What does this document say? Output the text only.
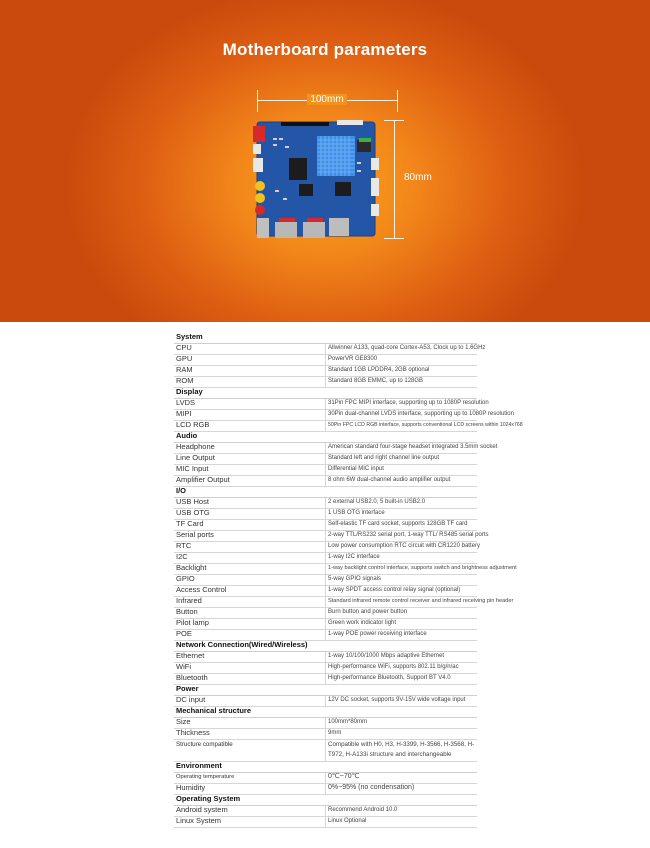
Motherboard parameters
100mm
80mm
System	
CPU	Allwinner A133, quad-core Cortex-A53, Clock up to 1.6GHz
GPU	PowerVR GE8300
RAM	Standard 1GB LPDDR4, 2GB optional
ROM	Standard 8GB EMMC, up to 128GB
Display	
LVDS	31Pin FPC MIPI interface, supporting up to 1080P resolution
MIPI	30Pin dual-channel LVDS interface, supporting up to 1080P resolution
LCD RGB	50Pin FPC LCD RGB interface, supports conventional LCD screens within 1024x768
Audio	
Headphone	American standard four-stage headset integrated 3.5mm socket
Line Output	Standard left and right channel line output
MIC Input	Differential MIC input
Amplifier Output	8 ohm 6W dual-channel audio amplifier output
I/O	
USB Host	2 external USB2.0, 5 built-in USB2.0
USB OTG	1 USB OTG interface
TF Card	Self-elastic TF card socket, supports 128GB TF card
Serial ports	2-way TTL/RS232 serial port, 1-way TTL/ RS485 serial ports
RTC	Low power consumption RTC circuit with CR1220 battery
I2C	1-way I2C interface
Backlight	1-way backlight control interface, supports switch and brightness adjustment
GPIO	5-way GPIO signals
Access Control	1-way SPDT access control relay signal (optional)
Infrared	Standard infrared remote control receiver and infrared receiving pin header
Button	Burn button and power button
Pilot lamp	Green work indicator light
POE	1-way POE power receiving interface
Network Connection(Wired/Wireless)	
Ethernet	1-way 10/100/1000 Mbps adaptive Ethernet
WiFi	High-performance WiFi, supports 802.11 b/g/n/ac
Bluetooth	High-performance Bluetooth, Support BT V4.0
Power	
DC input	12V DC socket, supports 9V-15V wide voltage input
Mechanical structure	
Size	100mm*80mm
Thickness	9mm
Structure compatible	Compatible with H0, H3, H-3399, H-3566, H-3568, H-T972, H-A133i structure and interchangeable
Environment	
Operating temperature	0℃~70℃
Humidity	0%~95% (no condensation)
Operating System	
Android system	Recommend Android 10.0
Linux System	Linux Optional
